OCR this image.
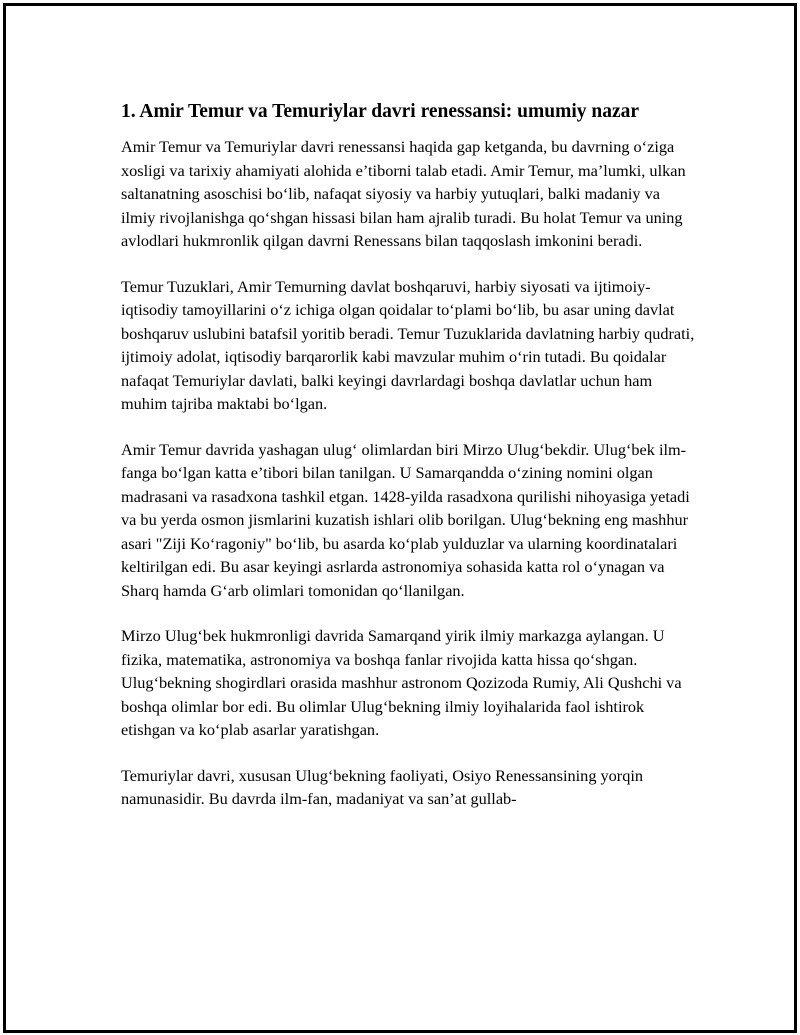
1. Amir Temur va Temuriylar davri renessansi: umumiy nazar

Amir Temur va Temuriylar davri renessansi haqida gap ketganda, bu davrning o‘ziga xosligi va tarixiy ahamiyati alohida e’tiborni talab etadi. Amir Temur, ma’lumki, ulkan saltanatning asoschisi bo‘lib, nafaqat siyosiy va harbiy yutuqlari, balki madaniy va ilmiy rivojlanishga qo‘shgan hissasi bilan ham ajralib turadi. Bu holat Temur va uning avlodlari hukmronlik qilgan davrni Renessans bilan taqqoslash imkonini beradi.

Temur Tuzuklari, Amir Temurning davlat boshqaruvi, harbiy siyosati va ijtimoiy-iqtisodiy tamoyillarini o‘z ichiga olgan qoidalar to‘plami bo‘lib, bu asar uning davlat boshqaruv uslubini batafsil yoritib beradi. Temur Tuzuklarida davlatning harbiy qudrati, ijtimoiy adolat, iqtisodiy barqarorlik kabi mavzular muhim o‘rin tutadi. Bu qoidalar nafaqat Temuriylar davlati, balki keyingi davrlardagi boshqa davlatlar uchun ham muhim tajriba maktabi bo‘lgan.

Amir Temur davrida yashagan ulug‘ olimlardan biri Mirzo Ulug‘bekdir. Ulug‘bek ilm-fanga bo‘lgan katta e’tibori bilan tanilgan. U Samarqandda o‘zining nomini olgan madrasani va rasadxona tashkil etgan. 1428-yilda rasadxona qurilishi nihoyasiga yetadi va bu yerda osmon jismlarini kuzatish ishlari olib borilgan. Ulug‘bekning eng mashhur asari "Ziji Ko‘ragoniy" bo‘lib, bu asarda ko‘plab yulduzlar va ularning koordinatalari keltirilgan edi. Bu asar keyingi asrlarda astronomiya sohasida katta rol o‘ynagan va Sharq hamda G‘arb olimlari tomonidan qo‘llanilgan.

Mirzo Ulug‘bek hukmronligi davrida Samarqand yirik ilmiy markazga aylangan. U fizika, matematika, astronomiya va boshqa fanlar rivojida katta hissa qo‘shgan. Ulug‘bekning shogirdlari orasida mashhur astronom Qozizoda Rumiy, Ali Qushchi va boshqa olimlar bor edi. Bu olimlar Ulug‘bekning ilmiy loyihalarida faol ishtirok etishgan va ko‘plab asarlar yaratishgan.

Temuriylar davri, xususan Ulug‘bekning faoliyati, Osiyo Renessansining yorqin namunasidir. Bu davrda ilm-fan, madaniyat va san’at gullab-
